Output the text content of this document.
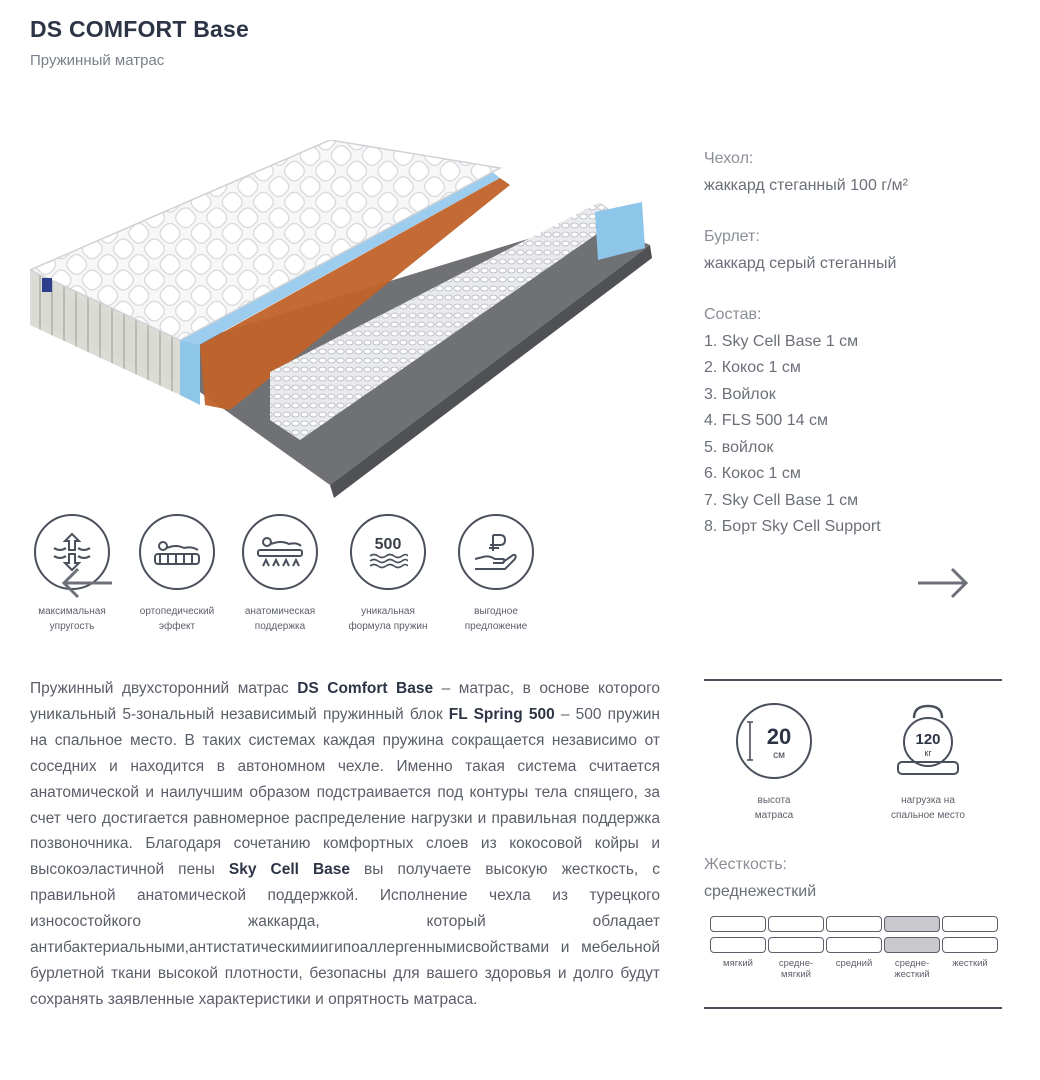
DS COMFORT Base
Пружинный матрас
Чехол:
жаккард стеганный 100 г/м²
Бурлет:
жаккард серый стеганный
Состав:
1. Sky Cell Base 1 см
2. Кокос 1 см
3. Войлок
4. FLS 500 14 см
5. войлок
6. Кокос 1 см
7. Sky Cell Base 1 см
8. Борт Sky Cell Support
максимальная
упругость
ортопедический
эффект
анатомическая
поддержка
500
уникальная
формула пружин
выгодное
предложение
Пружинный двухсторонний матрас DS Comfort Base – матрас, в основе которого уникальный 5-зональный независимый пружинный блок FL Spring 500 – 500 пружин на спальное место. В таких системах каждая пружина сокращается независимо от соседних и находится в автономном чехле. Именно такая система считается анатомической и наилучшим образом подстраивается под контуры тела спящего, за счет чего достигается равномерное распределение нагрузки и правильная поддержка позвоночника. Благодаря сочетанию комфортных слоев из кокосовой койры и высокоэластичной пены Sky Cell Base вы получаете высокую жесткость, с правильной анатомической поддержкой. Исполнение чехла из турецкого износостойкого жаккарда, который обладает антибактериальными,антистатическимиигипоаллергеннымисвойствами и мебельной бурлетной ткани высокой плотности, безопасны для вашего здоровья и долго будут сохранять заявленные характеристики и опрятность матраса.
20
см
высота
матраса
120
кг
нагрузка на
спальное место
Жесткость:
среднежесткий
мягкий	средне-
мягкий
средний	средне-
жесткий
жесткий
